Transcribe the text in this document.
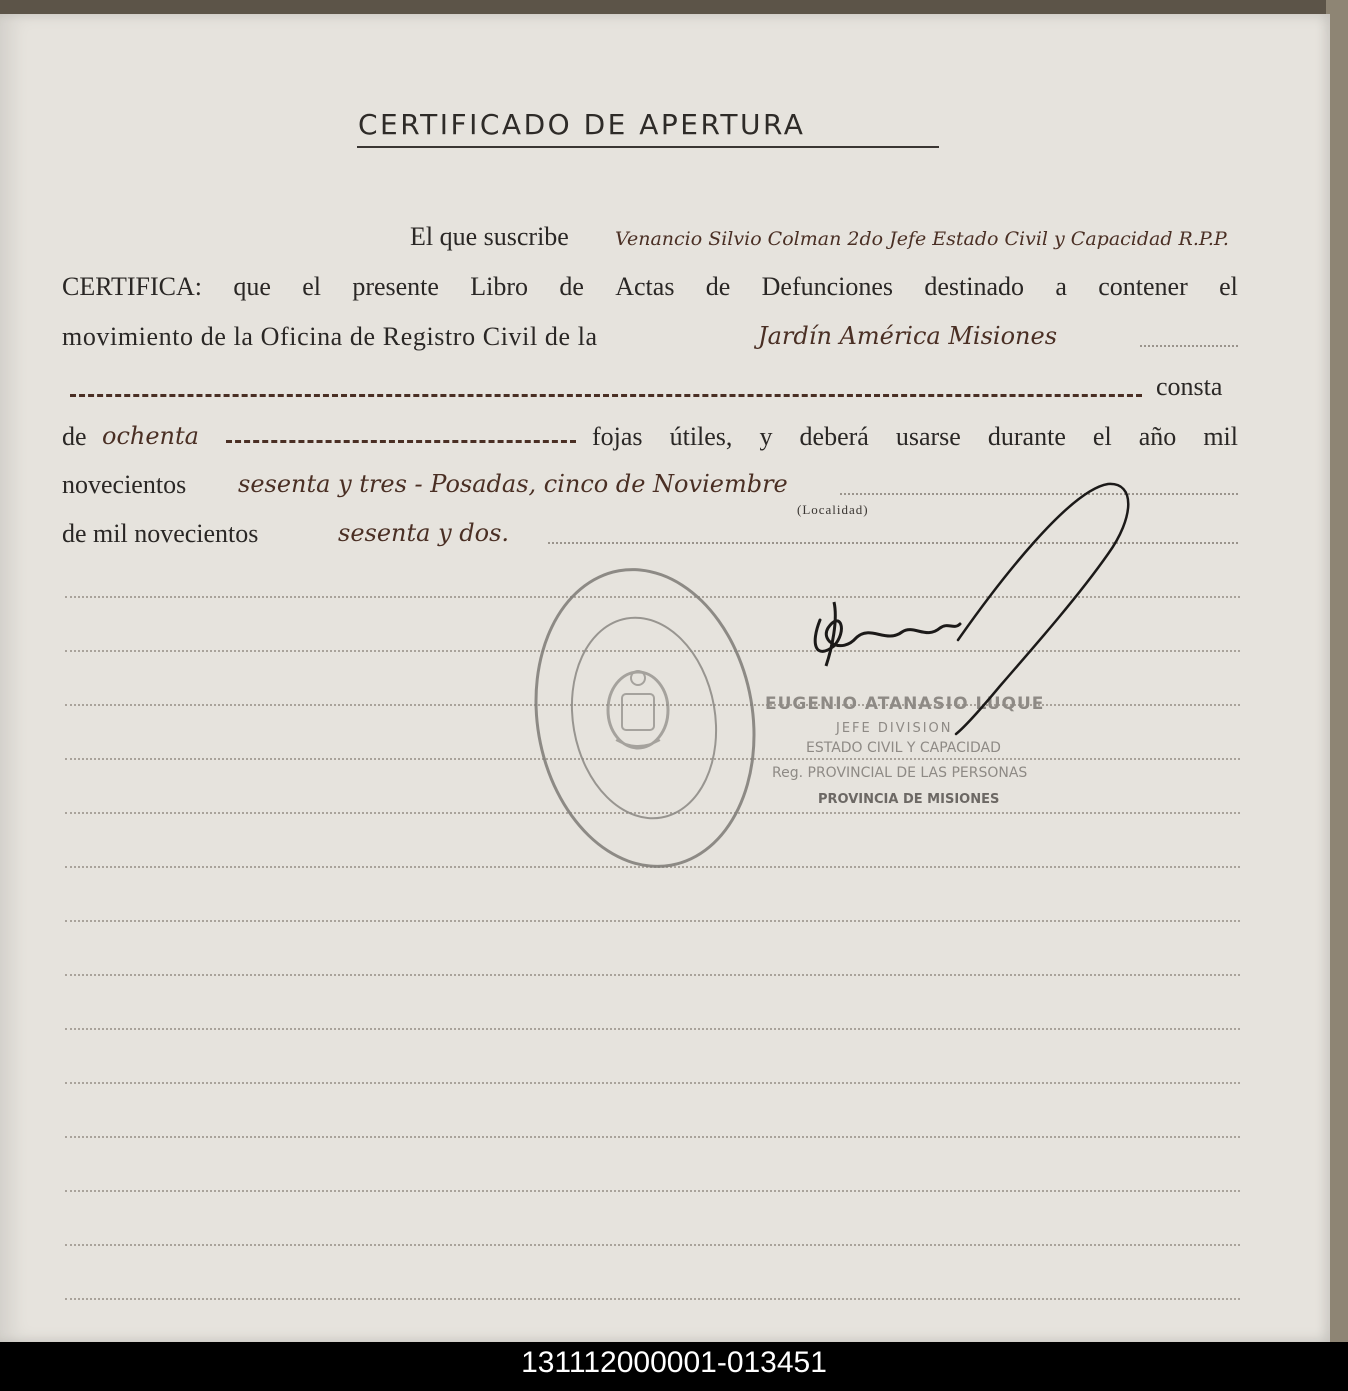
CERTIFICADO DE APERTURA
El que suscribe Venancio Silvio Colman 2do Jefe Estado Civil y Capacidad R.P.P.
CERTIFICA: que el presente Libro de Actas de Defunciones destinado a contener el
movimiento de la Oficina de Registro Civil de la	Jardín América Misiones
consta
de ochenta	fojas útiles, y deberá usarse durante el año mil
novecientos sesenta y tres - Posadas, cinco de Noviembre
(Localidad)
de mil novecientos	sesenta y dos.
EUGENIO ATANASIO LUQUE
JEFE DIVISION
ESTADO CIVIL Y CAPACIDAD
Reg. PROVINCIAL DE LAS PERSONAS
PROVINCIA DE MISIONES
131112000001-013451
